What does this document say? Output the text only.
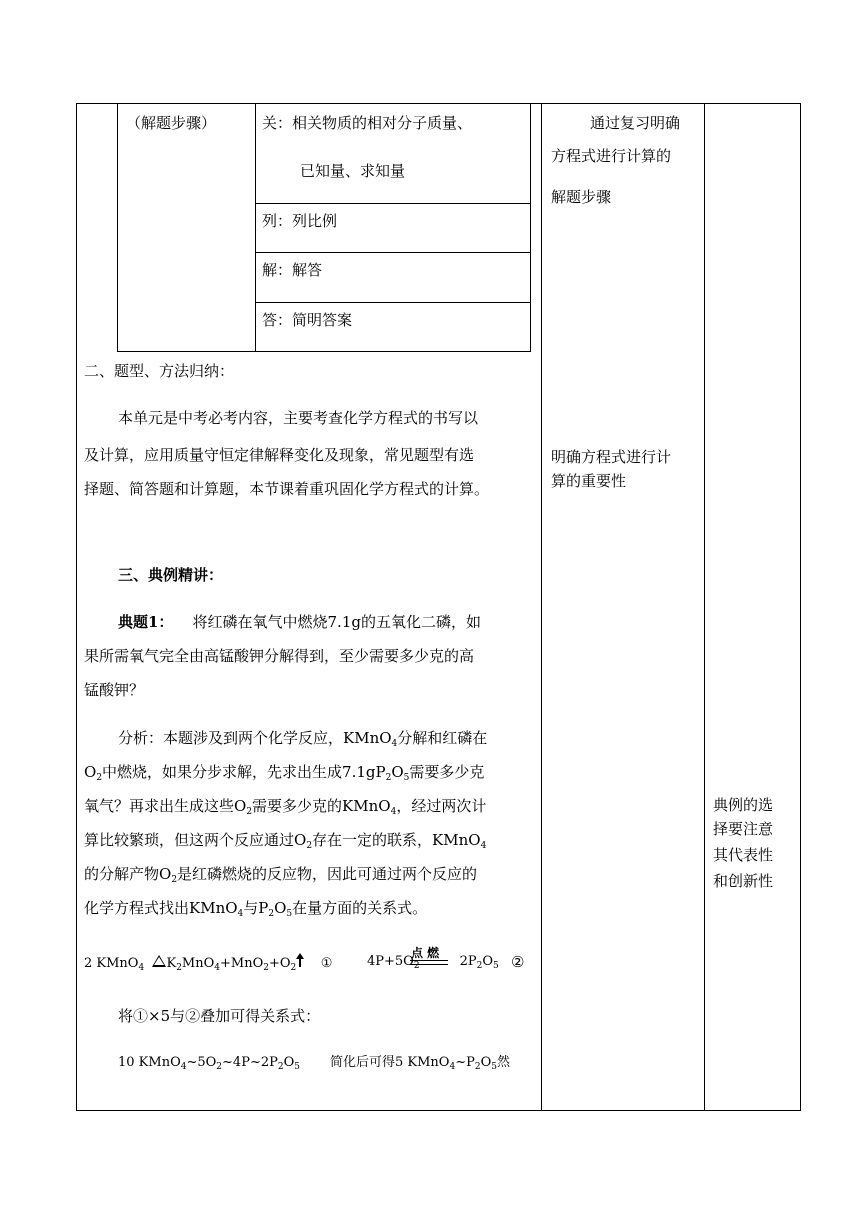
（解题步骤）	关：相关物质的相对分子质量、
已知量、求知量
列：列比例
解：解答
答：简明答案
通过复习明确
方程式进行计算的
解题步骤
明确方程式进行计
算的重要性
典例的选
择要注意
其代表性
和创新性
二、题型、方法归纳：
本单元是中考必考内容，主要考查化学方程式的书写以
及计算，应用质量守恒定律解释变化及现象，常见题型有选
择题、简答题和计算题，本节课着重巩固化学方程式的计算。
三、典例精讲：
典题1： 将红磷在氧气中燃烧7.1g的五氧化二磷，如
果所需氧气完全由高锰酸钾分解得到，至少需要多少克的高
锰酸钾？
分析：本题涉及到两个化学反应，KMnO$_4$分解和红磷在
$O_2$中燃烧，如果分步求解，先求出生成$7.1gP_2O_5$需要多少克
氧气？再求出生成这些$O_2$需要多少克的KMnO$_4$，经过两次计
算比较繁琐，但这两个反应通过$O_2$存在一定的联系，KMnO$_4$
的分解产物$O_2$是红磷燃烧的反应物，因此可通过两个反应的
化学方程式找出KMnO$_4$与$P_2O_5$在量方面的关系式。
2 KMnO$_4$ $K_2MnO_4+MnO_2+O_2$ ①	$4P+5O_2$	$2P_2O_5$
点 燃	②
将①×5与②叠加可得关系式：
10 $KMnO_4\sim 5O_2\sim 4P\sim 2P_2O_5$ 简化后可得5 $KMnO_4\sim P_2O_5$然
